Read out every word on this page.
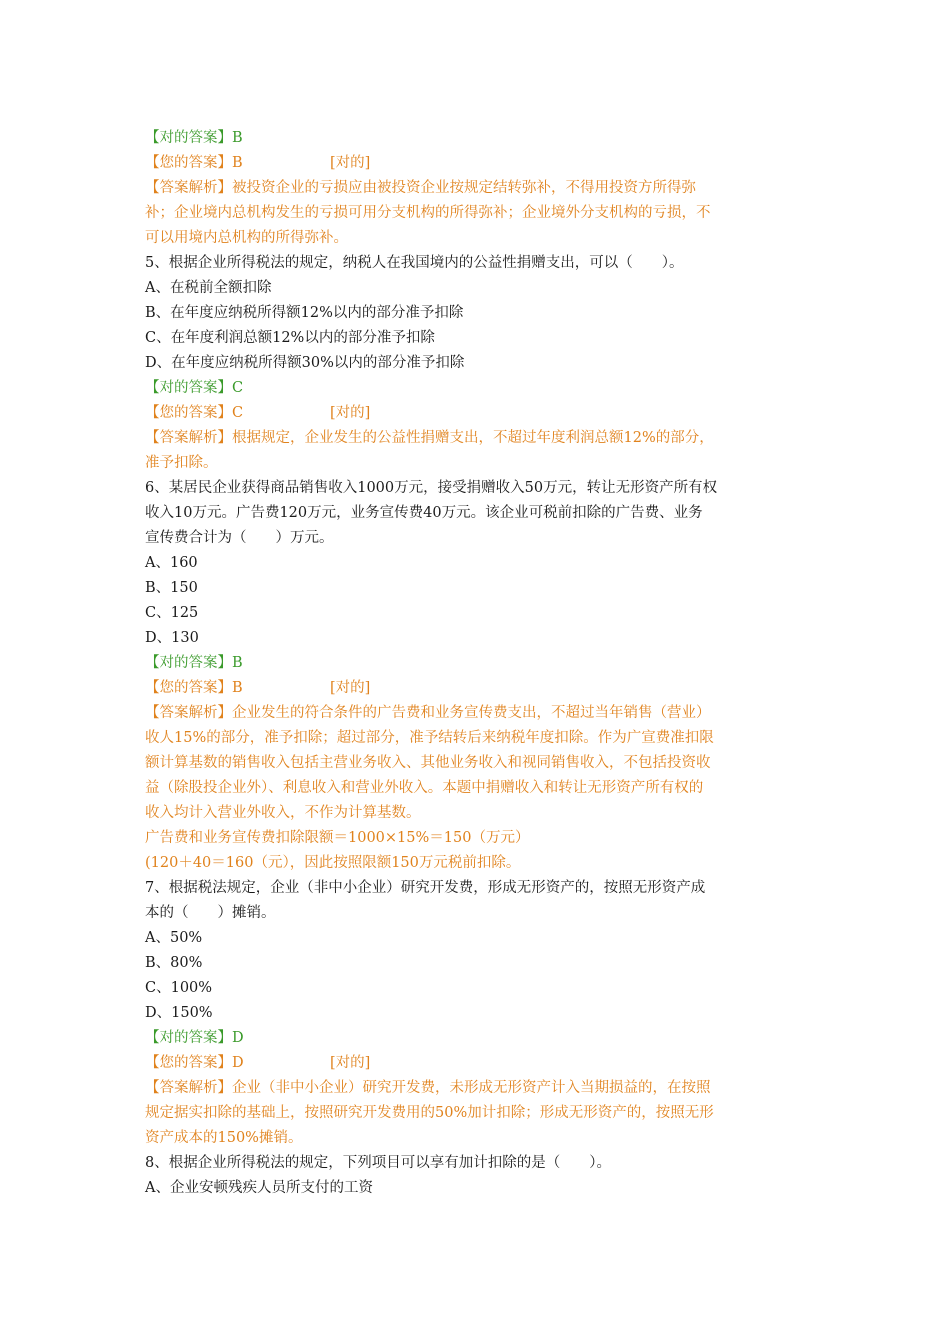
【对的答案】B
【您的答案】B	[对的]
【答案解析】被投资企业的亏损应由被投资企业按规定结转弥补，不得用投资方所得弥
补；企业境内总机构发生的亏损可用分支机构的所得弥补；企业境外分支机构的亏损，不
可以用境内总机构的所得弥补。
5、根据企业所得税法的规定，纳税人在我国境内的公益性捐赠支出，可以（　　）。
A、在税前全额扣除
B、在年度应纳税所得额12%以内的部分准予扣除
C、在年度利润总额12%以内的部分准予扣除
D、在年度应纳税所得额30%以内的部分准予扣除
【对的答案】C
【您的答案】C	[对的]
【答案解析】根据规定，企业发生的公益性捐赠支出，不超过年度利润总额12%的部分，
准予扣除。
6、某居民企业获得商品销售收入1000万元，接受捐赠收入50万元，转让无形资产所有权
收入10万元。广告费120万元，业务宣传费40万元。该企业可税前扣除的广告费、业务
宣传费合计为（　　）万元。
A、160
B、150
C、125
D、130
【对的答案】B
【您的答案】B	[对的]
【答案解析】企业发生的符合条件的广告费和业务宣传费支出，不超过当年销售（营业）
收人15%的部分，准予扣除；超过部分，准予结转后来纳税年度扣除。作为广宣费准扣限
额计算基数的销售收入包括主营业务收入、其他业务收入和视同销售收入，不包括投资收
益（除股投企业外）、利息收入和营业外收入。本题中捐赠收入和转让无形资产所有权的
收入均计入营业外收入，不作为计算基数。
广告费和业务宣传费扣除限额＝1000×15%＝150（万元）
(120＋40＝160（元），因此按照限额150万元税前扣除。
7、根据税法规定，企业（非中小企业）研究开发费，形成无形资产的，按照无形资产成
本的（　　）摊销。
A、50%
B、80%
C、100%
D、150%
【对的答案】D
【您的答案】D	[对的]
【答案解析】企业（非中小企业）研究开发费，未形成无形资产计入当期损益的，在按照
规定据实扣除的基础上，按照研究开发费用的50%加计扣除；形成无形资产的，按照无形
资产成本的150%摊销。
8、根据企业所得税法的规定，下列项目可以享有加计扣除的是（　　）。
A、企业安顿残疾人员所支付的工资
